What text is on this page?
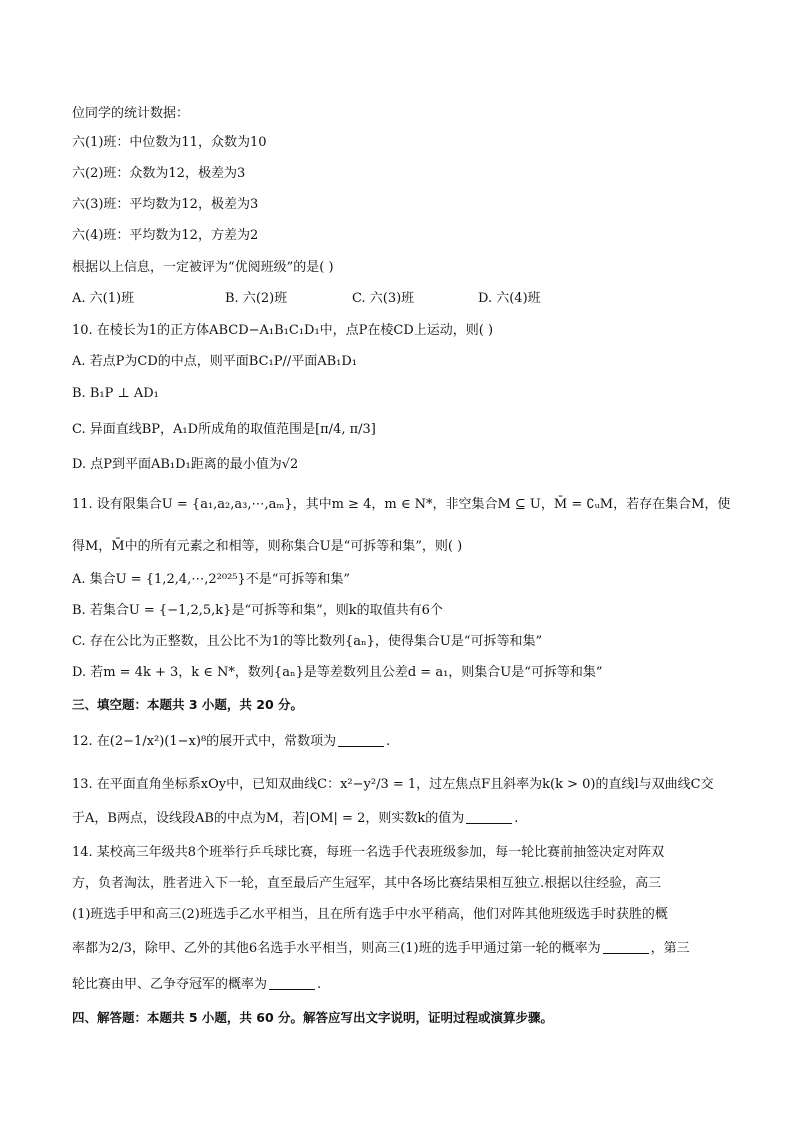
位同学的统计数据：
六(1)班：中位数为11，众数为10
六(2)班：众数为12，极差为3
六(3)班：平均数为12，极差为3
六(4)班：平均数为12，方差为2
根据以上信息，一定被评为“优阅班级”的是( )
A. 六(1)班	B. 六(2)班	C. 六(3)班	D. 六(4)班
10. 在棱长为1的正方体ABCD−A₁B₁C₁D₁中，点P在棱CD上运动，则( )
A. 若点P为CD的中点，则平面BC₁P//平面AB₁D₁
B. B₁P ⊥ AD₁
C. 异面直线BP，A₁D所成角的取值范围是[π/4, π/3]
D. 点P到平面AB₁D₁距离的最小值为√2
11. 设有限集合U = {a₁,a₂,a₃,⋯,aₘ}，其中m ≥ 4，m ∈ N*，非空集合M ⊆ U，M̄ = ∁ᵤM，若存在集合M，使
得M，M̄中的所有元素之和相等，则称集合U是“可拆等和集”，则( )
A. 集合U = {1,2,4,⋯,2²⁰²⁵}不是“可拆等和集”
B. 若集合U = {−1,2,5,k}是“可拆等和集”，则k的取值共有6个
C. 存在公比为正整数，且公比不为1的等比数列{aₙ}，使得集合U是“可拆等和集”
D. 若m = 4k + 3，k ∈ N*，数列{aₙ}是等差数列且公差d = a₁，则集合U是“可拆等和集”
三、填空题：本题共 3 小题，共 20 分。
12. 在(2−1/x²)(1−x)⁸的展开式中，常数项为	.
13. 在平面直角坐标系xOy中，已知双曲线C：x²−y²/3 = 1，过左焦点F且斜率为k(k > 0)的直线l与双曲线C交
于A，B两点，设线段AB的中点为M，若|OM| = 2，则实数k的值为	.
14. 某校高三年级共8个班举行乒乓球比赛，每班一名选手代表班级参加，每一轮比赛前抽签决定对阵双
方，负者淘汰，胜者进入下一轮，直至最后产生冠军，其中各场比赛结果相互独立.根据以往经验，高三
(1)班选手甲和高三(2)班选手乙水平相当，且在所有选手中水平稍高，他们对阵其他班级选手时获胜的概
率都为2/3，除甲、乙外的其他6名选手水平相当，则高三(1)班的选手甲通过第一轮的概率为	，第三
轮比赛由甲、乙争夺冠军的概率为	.
四、解答题：本题共 5 小题，共 60 分。解答应写出文字说明，证明过程或演算步骤。
